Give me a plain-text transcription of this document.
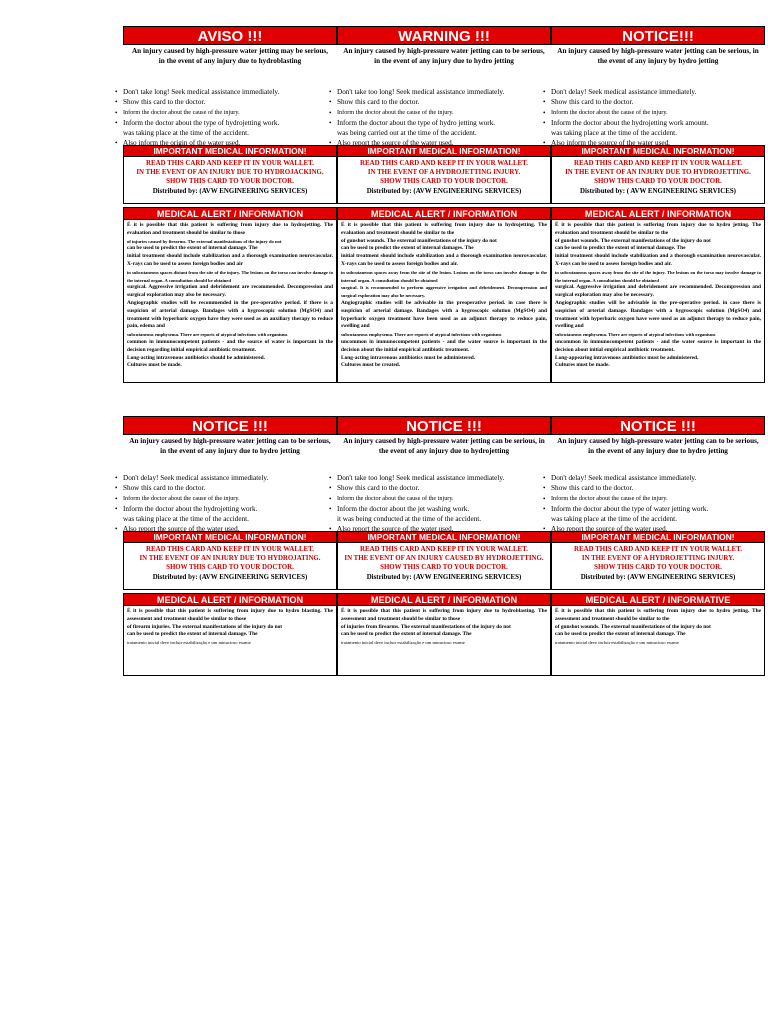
AVISO !!!
An injury caused by high-pressure water jetting may be serious, in the event of any injury due to hydroblasting
• Don't take long! Seek medical assistance immediately.
• Show this card to the doctor.
• Inform the doctor about the cause of the injury.
• Inform the doctor about the type of hydrojetting work.
was taking place at the time of the accident.
• Also inform the origin of the water used.
IMPORTANT MEDICAL INFORMATION!
READ THIS CARD AND KEEP IT IN YOUR WALLET.
IN THE EVENT OF AN INJURY DUE TO HYDROJACKING.
SHOW THIS CARD TO YOUR DOCTOR.
Distributed by: (AVW ENGINEERING SERVICES)
MEDICAL ALERT / INFORMATION

É it is possible that this patient is suffering from injury due to hydrojetting. The evaluation and treatment should be similar to those

of injuries caused by firearms. The external manifestations of the injury do not

can be used to predict the extent of internal damage. The

initial treatment should include stabilization and a thorough examination neurovascular. X-rays can be used to assess foreign bodies and air

in subcutaneous spaces distant from the site of the injury. The lesions on the torso can involve damage to the internal organ. A consultation should be obtained

surgical. Aggressive irrigation and debridement are recommended. Decompression and surgical exploration may also be necessary.

Angiographic studies will be recommended in the pre-operative period. if there is a suspicion of arterial damage. Bandages with a hygroscopic solution (MgSO4) and treatment with hyperbaric oxygen have they were used as an auxiliary therapy to reduce pain, edema and

subcutaneous emphysema. There are reports of atypical infections with organisms

common in immunocompetent patients - and the source of water is important in the decision regarding initial empirical antibiotic treatment.

Long-acting intravenous antibiotics should be administered.

Cultures must be made.

WARNING !!!
An injury caused by high-pressure water jetting can to be serious, in the event of any injury due to hydro jetting
• Don't take too long! Seek medical assistance immediately.
• Show this card to the doctor.
• Inform the doctor about the cause of the injury.
• Inform the doctor about the type of hydro jetting work.
was being carried out at the time of the accident.
• Also report the source of the water used.
IMPORTANT MEDICAL INFORMATION!
READ THIS CARD AND KEEP IT IN YOUR WALLET.
IN THE EVENT OF A HYDROJETTING INJURY.
SHOW THIS CARD TO YOUR DOCTOR.
Distributed by: (AVW ENGINEERING SERVICES)
MEDICAL ALERT / INFORMATION

É it is possible that this patient is suffering from injury due to hydrojetting. The evaluation and treatment should be similar to the

of gunshot wounds. The external manifestations of the injury do not

can be used to predict the extent of internal damages. The

initial treatment should include stabilization and a thorough examination neurovascular. X-rays can be used to assess foreign bodies and air.

in subcutaneous spaces away from the site of the lesion. Lesions on the torso can involve damage to the internal organ. A consultation should be obtained

surgical. It is recommended to perform aggressive irrigation and debridement. Decompression and surgical exploration may also be necessary.

Angiographic studies will be advisable in the preoperative period. in case there is suspicion of arterial damage. Bandages with a hygroscopic solution (MgSO4) and hyperbaric oxygen treatment have been used as an adjunct therapy to reduce pain, swelling and

subcutaneous emphysema. There are reports of atypical infections with organisms

uncommon in immunocompetent patients - and the water source is important in the decision about the initial empirical antibiotic treatment.

Long-acting intravenous antibiotics must be administered.

Cultures must be created.

NOTICE!!!
An injury caused by high-pressure water jetting can be serious, in the event of any injury by hydro jetting
• Don't delay! Seek medical assistance immediately.
• Show this card to the doctor.
• Inform the doctor about the cause of the injury.
• Inform the doctor about the hydrojetting work amount.
was taking place at the time of the accident.
• Also inform the source of the water used.
IMPORTANT MEDICAL INFORMATION!
READ THIS CARD AND KEEP IT IN YOUR WALLET.
IN THE EVENT OF AN INJURY DUE TO HYDROJETTING.
SHOW THIS CARD TO YOUR DOCTOR.
Distributed by: ( AVW ENGINEERING SERVICES)
MEDICAL ALERT / INFORMATION

É it is possible that this patient is suffering from injury due to hydro jetting. The evaluation and treatment should be similar to the

of gunshot wounds. The external manifestations of the injury do not

can be used to predict the extent of internal damage. The

initial treatment should include stabilization and a thorough examination neurovascular. X-rays can be used to assess foreign bodies and air.

in subcutaneous spaces away from the site of the injury. The lesions on the torso may involve damage to the internal organ. A consultation should be obtained

surgical. Aggressive irrigation and debridement are recommended. Decompression and surgical exploration may also be necessary.

Angiographic studies will be advisable in the pre-operative period. in case there is suspicion of arterial damage. Bandages with a hygroscopic solution (MgSO4) and treatment with hyperbaric oxygen have were used as an adjunct therapy to reduce pain, swelling and

subcutaneous emphysema. There are reports of atypical infections with organisms

uncommon in immunocompetent patients - and the water source is important in the decision about initial empirical antibiotic treatment.

Long-appearing intravenous antibiotics must be administered.

Cultures must be made.

NOTICE !!!
An injury caused by high-pressure water jetting can to be serious, in the event of any injury due to hydro jetting
• Don't delay! Seek medical assistance immediately.
• Show this card to the doctor.
• Inform the doctor about the cause of the injury.
• Inform the doctor about the hydrojetting work.
was taking place at the time of the accident.
• Also report the source of the water used.
IMPORTANT MEDICAL INFORMATION!
READ THIS CARD AND KEEP IT IN YOUR WALLET.
IN THE EVENT OF AN INJURY DUE TO HYDROJATING.
SHOW THIS CARD TO YOUR DOCTOR.
Distributed by: (AVW ENGINEERING SERVICES)
MEDICAL ALERT / INFORMATION

É it is possible that this patient is suffering from injury due to hydro blasting. The assessment and treatment should be similar to those

of firearm injuries. The external manifestations of the injury do not

can be used to predict the extent of internal damage. The

tratamento inicial deve incluir estabilização e um minucioso exame

NOTICE !!!
An injury caused by high-pressure water jetting can be serious, in the event of any injury due to hydrojetting
• Don't take too long! Seek medical assistance immediately.
• Show this card to the doctor.
• Inform the doctor about the cause of the injury.
• Inform the doctor about the jet washing work.
it was being conducted at the time of the accident.
• Also report the source of the water used.
IMPORTANT MEDICAL INFORMATION!
READ THIS CARD AND KEEP IT IN YOUR WALLET.
IN THE EVENT OF AN INJURY CAUSED BY HYDROJETTING.
SHOW THIS CARD TO YOUR DOCTOR.
Distributed by: (AVW ENGINEERING SERVICES)
MEDICAL ALERT / INFORMATION

É it is possible that this patient is suffering from injury due to hydroblasting. The assessment and treatment should be similar to those

of injuries from firearms. The external manifestations of the injury do not

can be used to predict the extent of internal damage. The

tratamento inicial deve incluir estabilização e um minucioso exame

NOTICE !!!
An injury caused by high-pressure water jetting can to be serious, in the event of any injury due to hydro jetting
• Don't delay! Seek medical assistance immediately.
• Show this card to the doctor.
• Inform the doctor about the cause of the injury.
• Inform the doctor about the type of water jetting work.
was taking place at the time of the accident.
• Also report the source of the water used.
IMPORTANT MEDICAL INFORMATION!
READ THIS CARD AND KEEP IT IN YOUR WALLET.
IN THE EVENT OF A HYDROJETTING INJURY.
SHOW THIS CARD TO YOUR DOCTOR.
Distributed by: (AVW ENGINEERING SERVICES)
MEDICAL ALERT / INFORMATIVE

É it is possible that this patient is suffering from injury due to hydro jetting. The assessment and treatment should be similar to the

of gunshot wounds. The external manifestations of the injury do not

can be used to predict the extent of internal damage. The

tratamento inicial deve incluir estabilização e um minucioso exame
